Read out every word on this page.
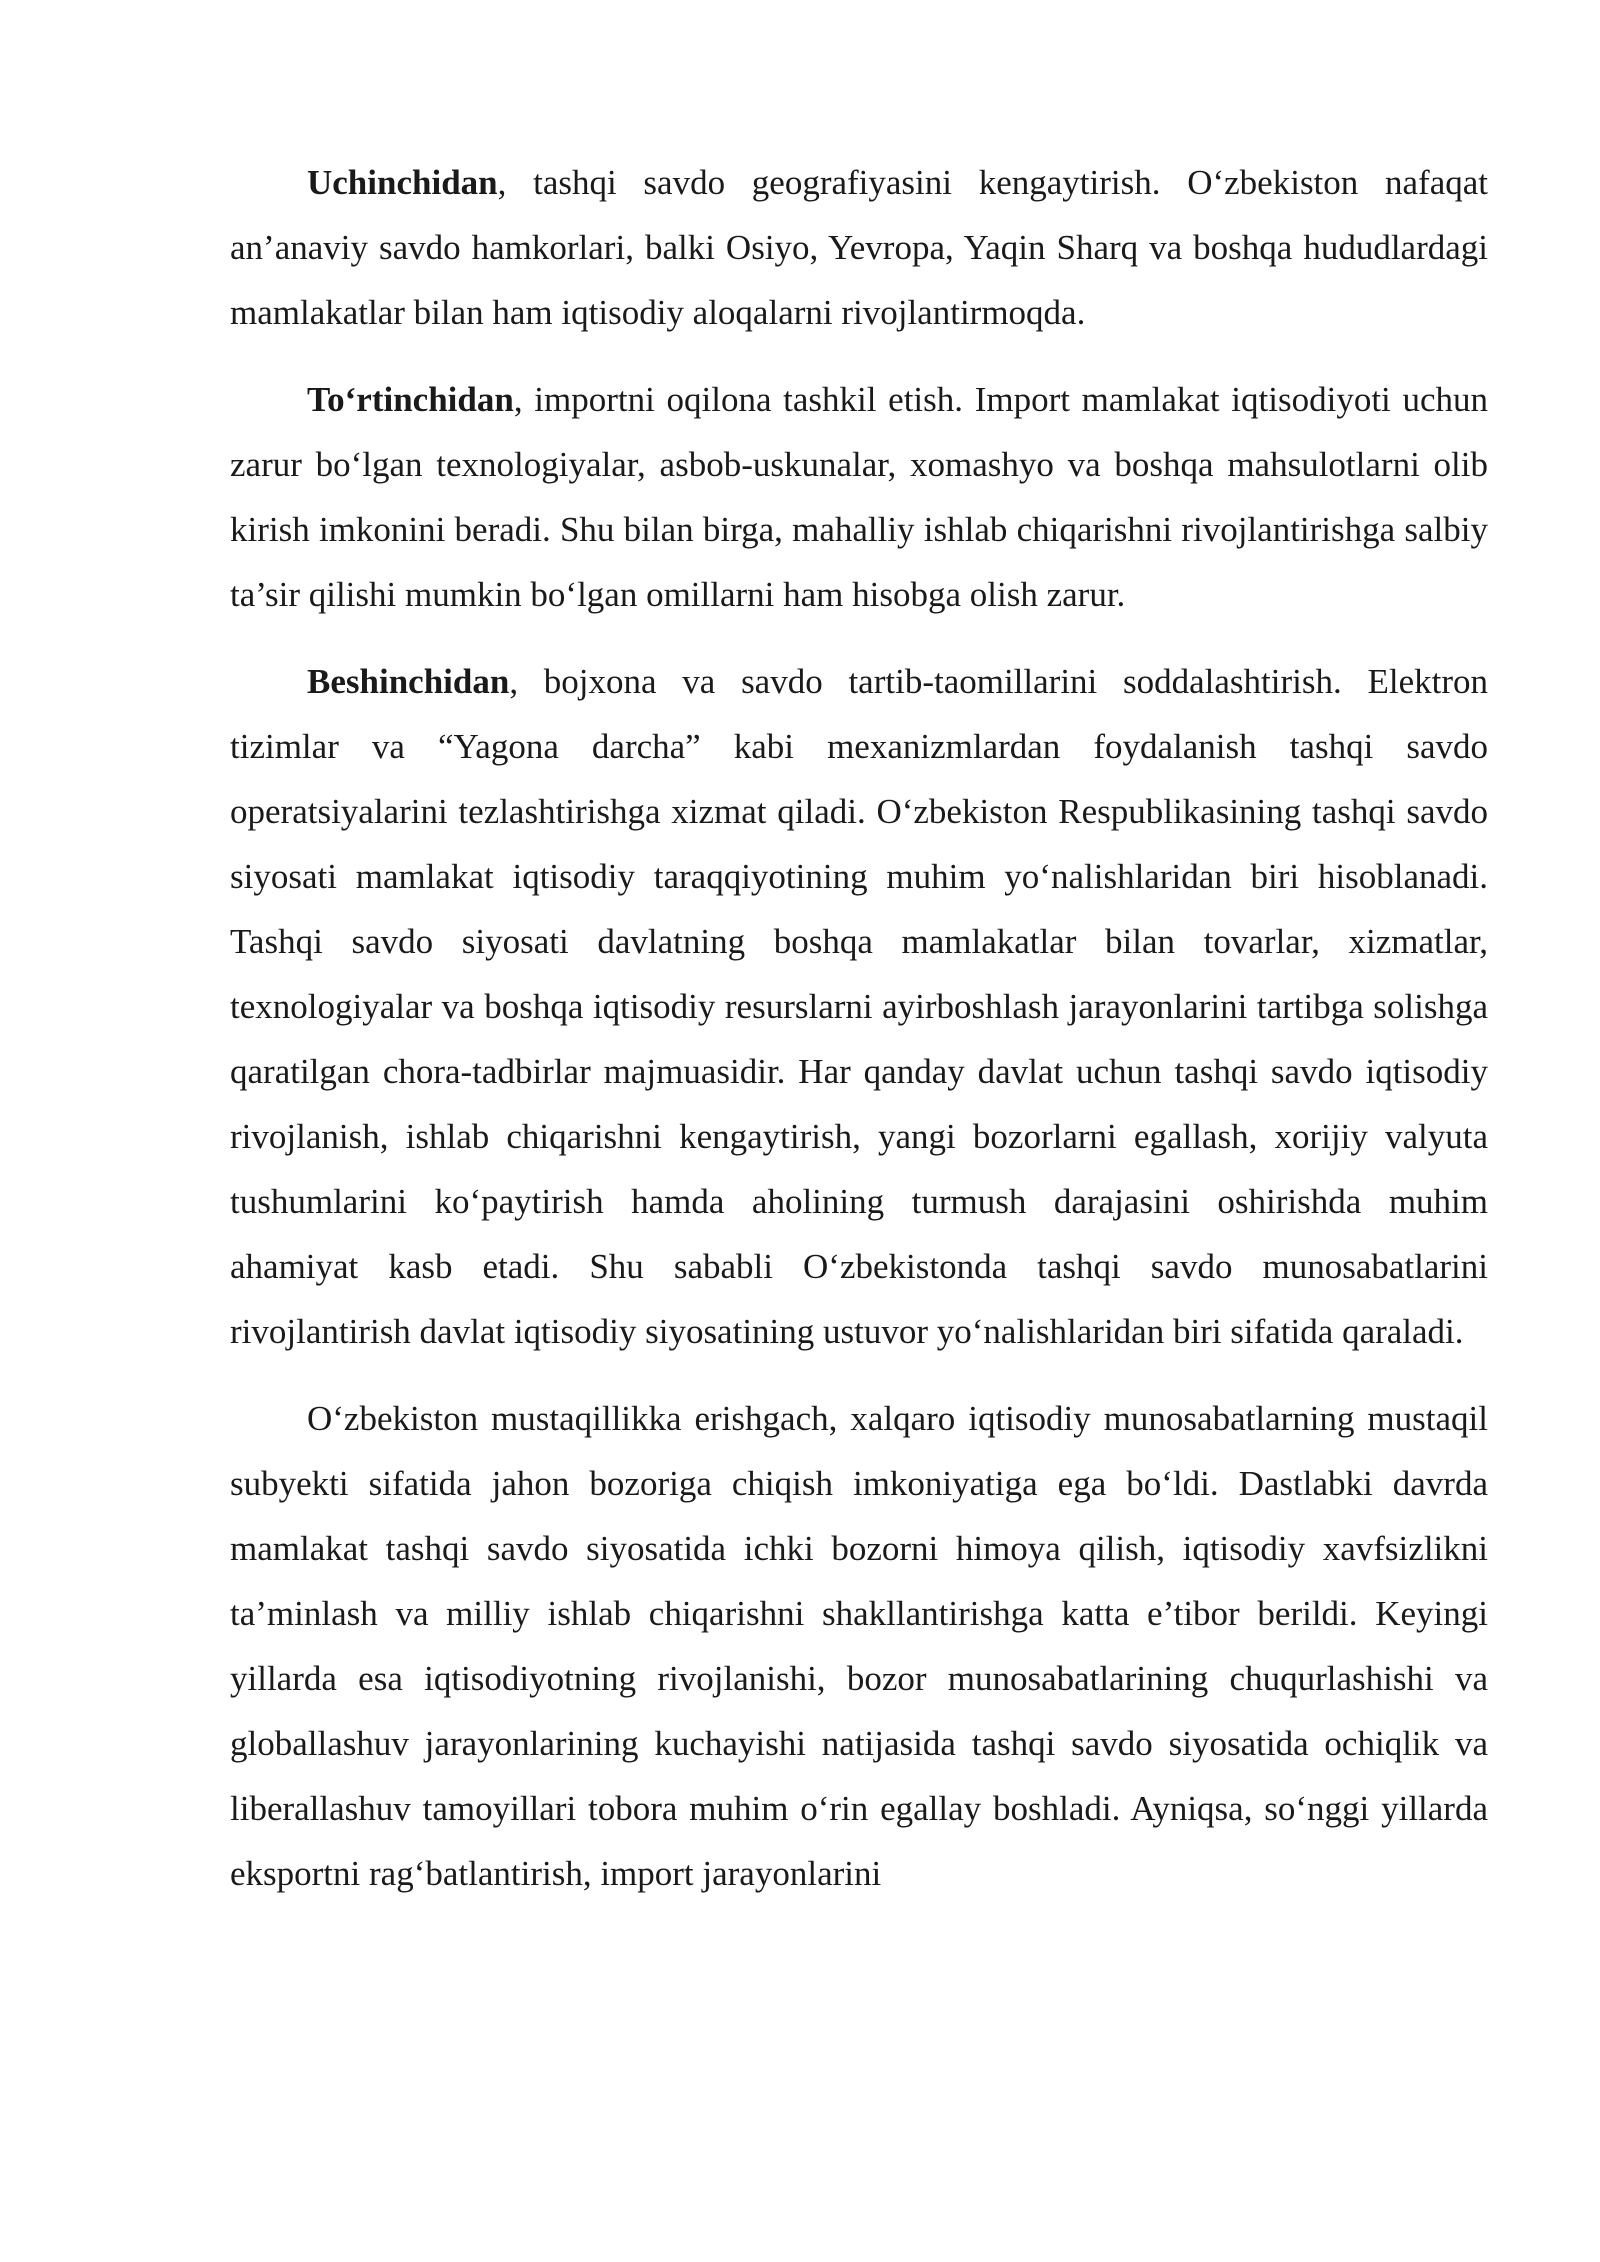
Uchinchidan, tashqi savdo geografiyasini kengaytirish. O‘zbekiston nafaqat an’anaviy savdo hamkorlari, balki Osiyo, Yevropa, Yaqin Sharq va boshqa hududlardagi mamlakatlar bilan ham iqtisodiy aloqalarni rivojlantirmoqda.

To‘rtinchidan, importni oqilona tashkil etish. Import mamlakat iqtisodiyoti uchun zarur bo‘lgan texnologiyalar, asbob-uskunalar, xomashyo va boshqa mahsulotlarni olib kirish imkonini beradi. Shu bilan birga, mahalliy ishlab chiqarishni rivojlantirishga salbiy ta’sir qilishi mumkin bo‘lgan omillarni ham hisobga olish zarur.

Beshinchidan, bojxona va savdo tartib-taomillarini soddalashtirish. Elektron tizimlar va “Yagona darcha” kabi mexanizmlardan foydalanish tashqi savdo operatsiyalarini tezlashtirishga xizmat qiladi. O‘zbekiston Respublikasining tashqi savdo siyosati mamlakat iqtisodiy taraqqiyotining muhim yo‘nalishlaridan biri hisoblanadi. Tashqi savdo siyosati davlatning boshqa mamlakatlar bilan tovarlar, xizmatlar, texnologiyalar va boshqa iqtisodiy resurslarni ayirboshlash jarayonlarini tartibga solishga qaratilgan chora-tadbirlar majmuasidir. Har qanday davlat uchun tashqi savdo iqtisodiy rivojlanish, ishlab chiqarishni kengaytirish, yangi bozorlarni egallash, xorijiy valyuta tushumlarini ko‘paytirish hamda aholining turmush darajasini oshirishda muhim ahamiyat kasb etadi. Shu sababli O‘zbekistonda tashqi savdo munosabatlarini rivojlantirish davlat iqtisodiy siyosatining ustuvor yo‘nalishlaridan biri sifatida qaraladi.

O‘zbekiston mustaqillikka erishgach, xalqaro iqtisodiy munosabatlarning mustaqil subyekti sifatida jahon bozoriga chiqish imkoniyatiga ega bo‘ldi. Dastlabki davrda mamlakat tashqi savdo siyosatida ichki bozorni himoya qilish, iqtisodiy xavfsizlikni ta’minlash va milliy ishlab chiqarishni shakllantirishga katta e’tibor berildi. Keyingi yillarda esa iqtisodiyotning rivojlanishi, bozor munosabatlarining chuqurlashishi va globallashuv jarayonlarining kuchayishi natijasida tashqi savdo siyosatida ochiqlik va liberallashuv tamoyillari tobora muhim o‘rin egallay boshladi. Ayniqsa, so‘nggi yillarda eksportni rag‘batlantirish, import jarayonlarini
